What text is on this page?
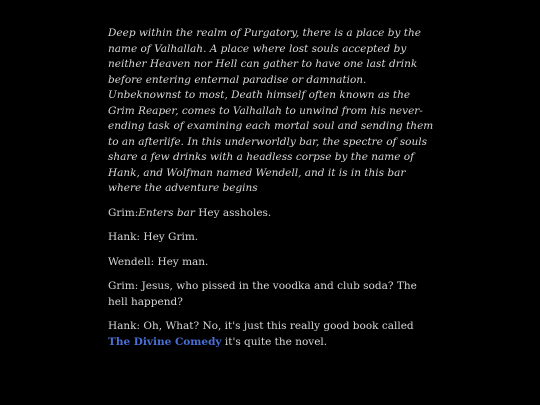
Deep within the realm of Purgatory, there is a place by the name of Valhallah. A place where lost souls accepted by neither Heaven nor Hell can gather to have one last drink before entering enternal paradise or damnation. Unbeknownst to most, Death himself often known as the Grim Reaper, comes to Valhallah to unwind from his never-ending task of examining each mortal soul and sending them to an afterlife. In this underworldly bar, the spectre of souls share a few drinks with a headless corpse by the name of Hank, and Wolfman named Wendell, and it is in this bar where the adventure begins

Grim:Enters bar Hey assholes.

Hank: Hey Grim.

Wendell: Hey man.

Grim: Jesus, who pissed in the voodka and club soda? The hell happend?

Hank: Oh, What? No, it's just this really good book called The Divine Comedy it's quite the novel.
